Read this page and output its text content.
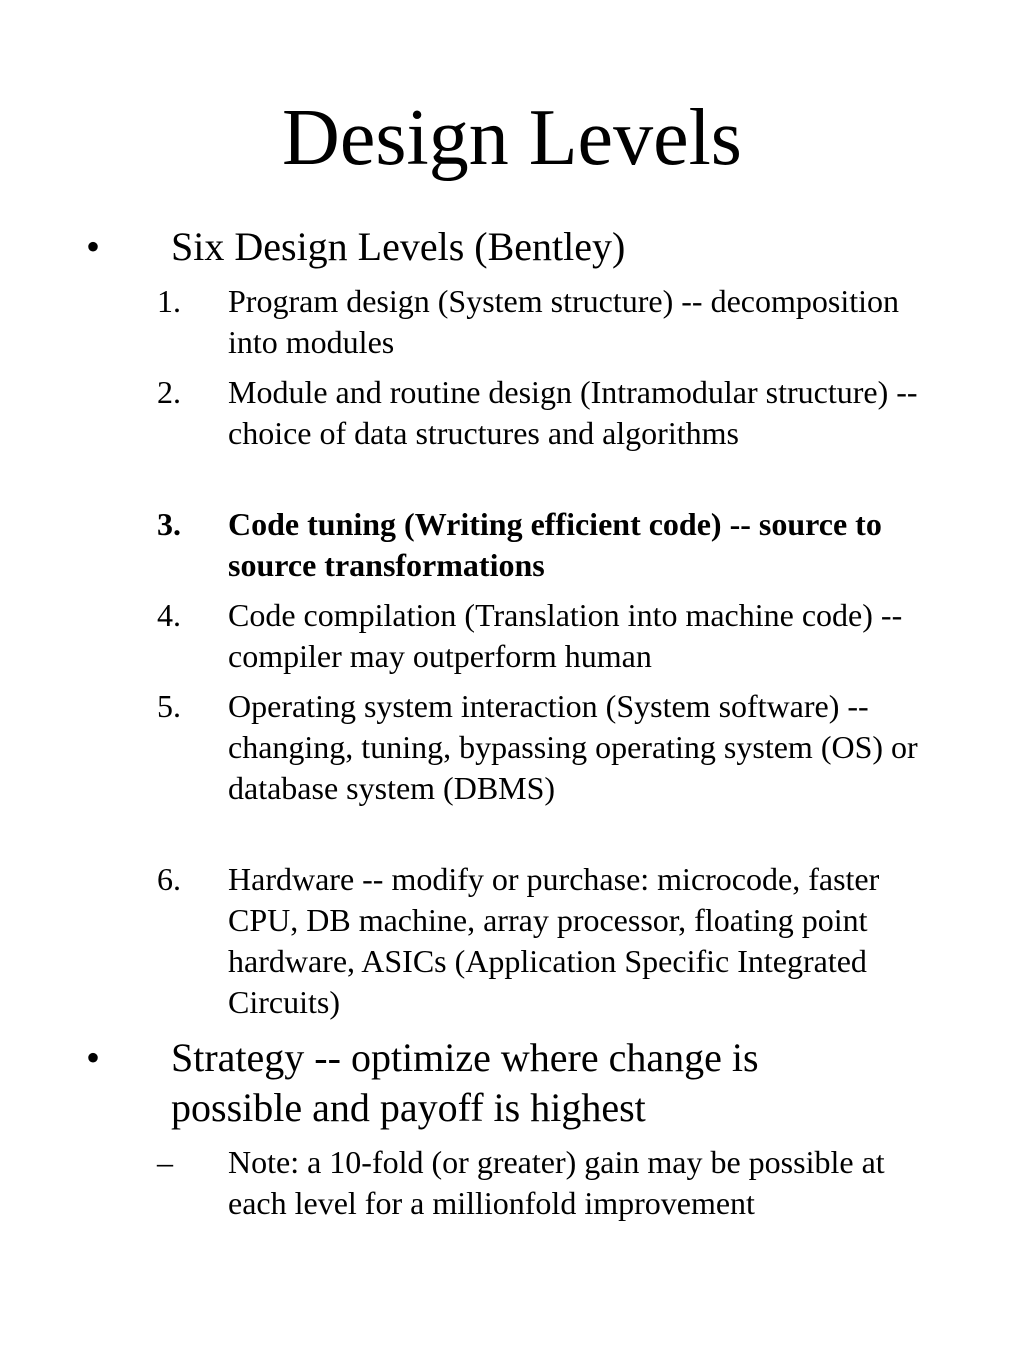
Design Levels
• Six Design Levels (Bentley)
1. Program design (System structure) -- decomposition into modules
2. Module and routine design (Intramodular structure) -- choice of data structures and algorithms
3. Code tuning (Writing efficient code) -- source to source transformations
4. Code compilation (Translation into machine code) -- compiler may outperform human
5. Operating system interaction (System software) -- changing, tuning, bypassing operating system (OS) or database system (DBMS)
6. Hardware -- modify or purchase: microcode, faster CPU, DB machine, array processor, floating point hardware, ASICs (Application Specific Integrated Circuits)
• Strategy -- optimize where change is possible and payoff is highest
– Note: a 10-fold (or greater) gain may be possible at each level for a millionfold improvement
